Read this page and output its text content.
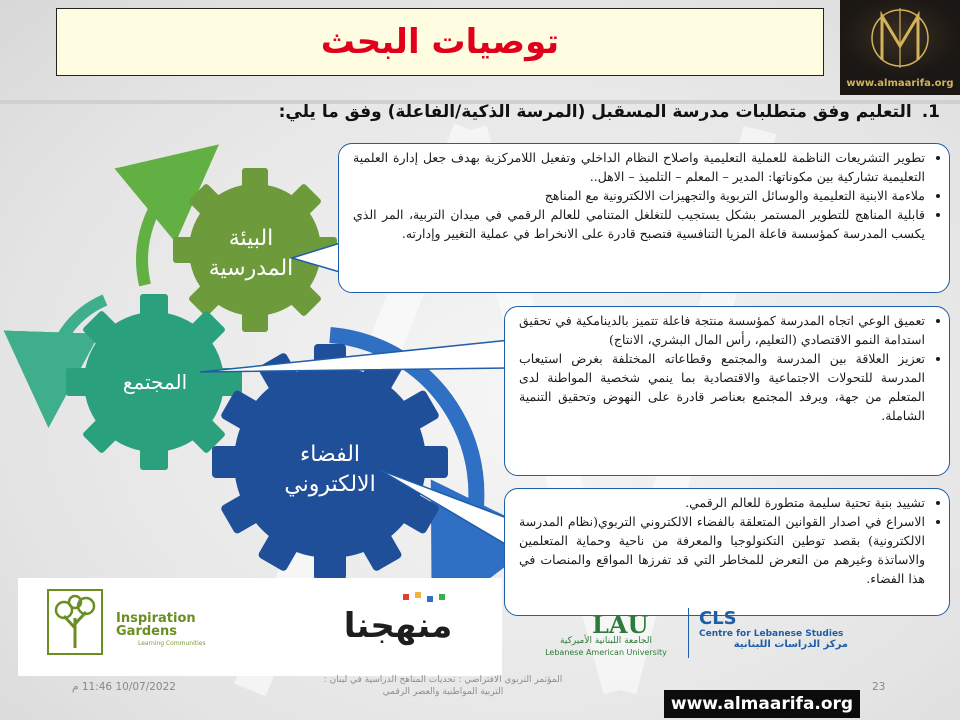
توصيات البحث
www.almaarifa.org
1.التعليم وفق متطلبات مدرسة المسقبل (المرسة الذكية/الفاعلة) وفق ما يلي:
البيئة المدرسية
المجتمع
الفضاء الالكتروني
• تطوير التشريعات الناظمة للعملية التعليمية واصلاح النظام الداخلي وتفعيل اللامركزية بهدف جعل إدارة العلمية التعليمية تشاركية بين مكوناتها: المدير – المعلم – التلميذ – الاهل..
• ملاءمة الابنية التعليمية والوسائل التربوية والتجهيزات الالكترونية مع المناهج
• قابلية المناهج للتطوير المستمر بشكل يستجيب للتغلغل المتنامي للعالم الرقمي في ميدان التربية، المر الذي يكسب المدرسة كمؤسسة فاعلة المزيا التنافسية فتصبح قادرة على الانخراط في عملية التغيير وإدارته.
• تعميق الوعي اتجاه المدرسة كمؤسسة منتجة فاعلة تتميز بالدينامكية في تحقيق استدامة النمو الاقتصادي (التعليم، رأس المال البشري، الانتاج)
• تعزيز العلاقة بين المدرسة والمجتمع وقطاعاته المختلفة بغرض استيعاب المدرسة للتحولات الاجتماعية والاقتصادية بما ينمي شخصية المواطنة لدى المتعلم من جهة، ويرفد المجتمع بعناصر قادرة على النهوض وتحقيق التنمية الشاملة.
• تشييد بنية تحتية سليمة متطورة للعالم الرقمي.
• الاسراع في اصدار القوانين المتعلقة بالفضاء الالكتروني التربوي(نظام المدرسة الالكترونية) بقصد توطين التكنولوجيا والمعرفة من ناحية وحماية المتعلمين والاساتذة وغيرهم من التعرض للمخاطر التي قد تفرزها المواقع والمنصات في هذا الفضاء.
Inspiration Gardens
Learning Communities	منهجنا	LAU
الجامعة اللبنانية الأميركية
Lebanese American University
CLS
Centre for Lebanese Studies
مركز الدراسات اللبنانية
10/07/2022 11:46 م
المؤتمر التربوي الافتراضي : تحديات المناهج الدراسية في لبنان : التربية المواطنية والعصر الرقمي	23
www.almaarifa.org
